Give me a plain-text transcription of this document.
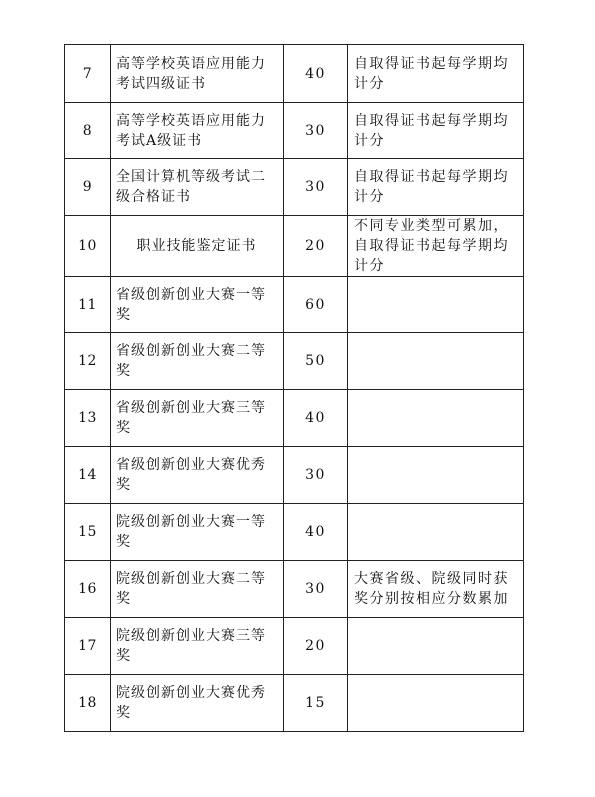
7	高等学校英语应用能力考试四级证书	40	自取得证书起每学期均计分
8	高等学校英语应用能力考试A级证书	30	自取得证书起每学期均计分
9	全国计算机等级考试二级合格证书	30	自取得证书起每学期均计分
10	职业技能鉴定证书	20	不同专业类型可累加，自取得证书起每学期均计分
11	省级创新创业大赛一等奖	60	
12	省级创新创业大赛二等奖	50	
13	省级创新创业大赛三等奖	40	
14	省级创新创业大赛优秀奖	30	
15	院级创新创业大赛一等奖	40	
16	院级创新创业大赛二等奖	30	大赛省级、院级同时获奖分别按相应分数累加
17	院级创新创业大赛三等奖	20	
18	院级创新创业大赛优秀奖	15	
